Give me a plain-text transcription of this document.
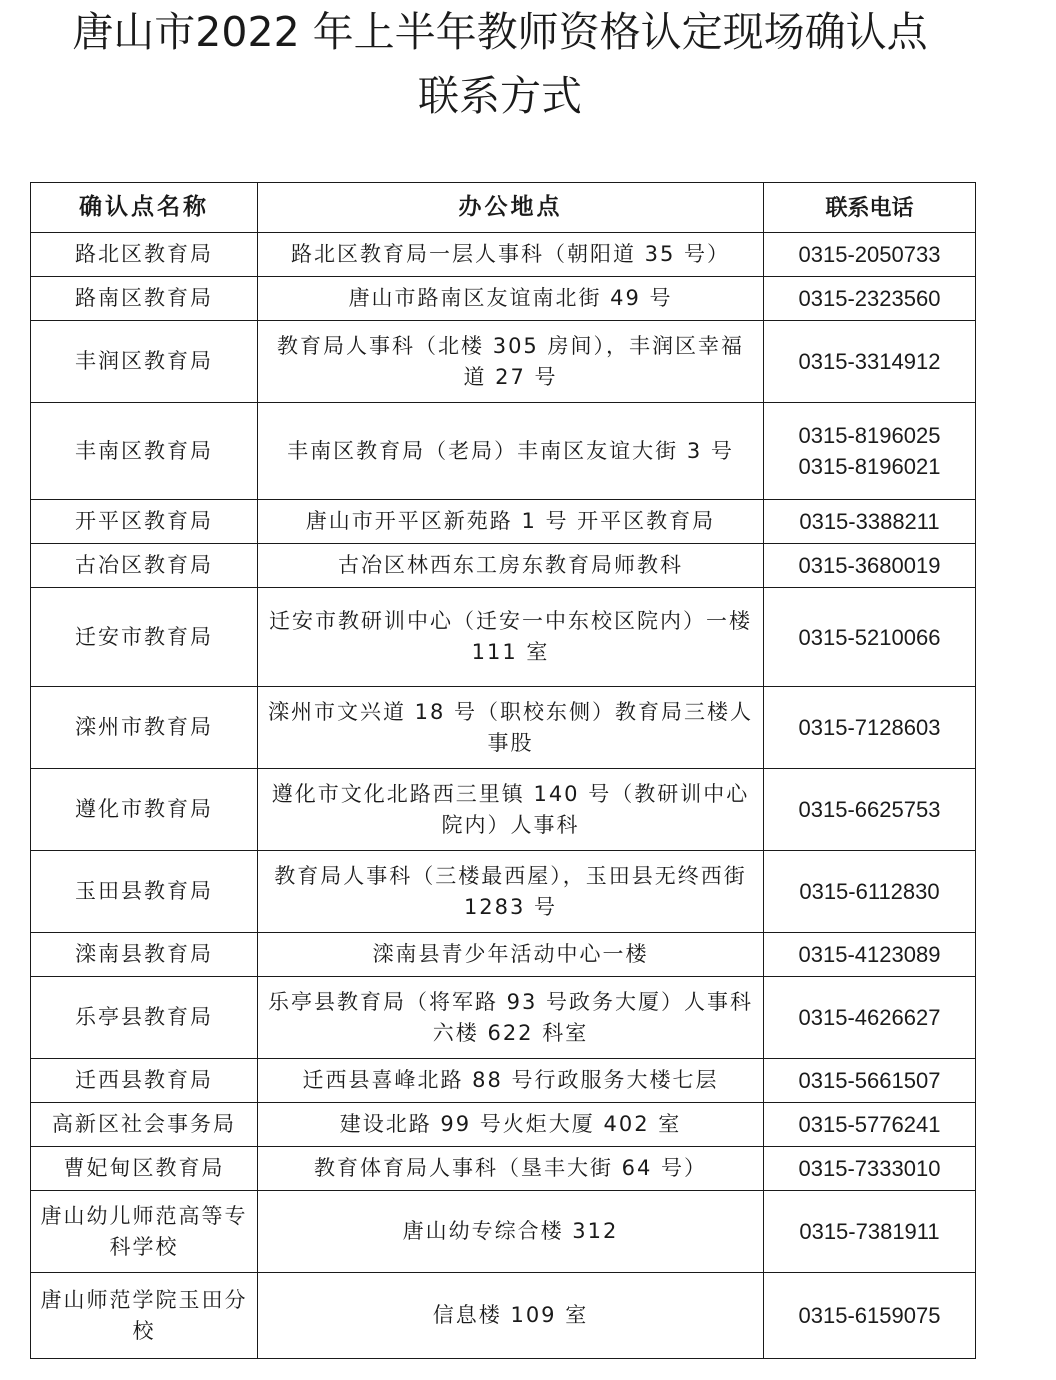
唐山市2022 年上半年教师资格认定现场确认点
联系方式
确认点名称	办公地点	联系电话
路北区教育局	路北区教育局一层人事科（朝阳道 35 号）	0315-2050733

路南区教育局	唐山市路南区友谊南北街 49 号	0315-2323560

丰润区教育局	教育局人事科（北楼 305 房间），丰润区幸福道 27 号	0315-3314912

丰南区教育局	丰南区教育局（老局）丰南区友谊大街 3 号	0315-8196025
0315-8196021

开平区教育局	唐山市开平区新苑路 1 号 开平区教育局	0315-3388211

古冶区教育局	古冶区林西东工房东教育局师教科	0315-3680019

迁安市教育局	迁安市教研训中心（迁安一中东校区院内）一楼 111 室	0315-5210066

滦州市教育局	滦州市文兴道 18 号（职校东侧）教育局三楼人事股	0315-7128603

遵化市教育局	遵化市文化北路西三里镇 140 号（教研训中心院内）人事科	0315-6625753

玉田县教育局	教育局人事科（三楼最西屋），玉田县无终西街 1283 号	0315-6112830

滦南县教育局	滦南县青少年活动中心一楼	0315-4123089

乐亭县教育局	乐亭县教育局（将军路 93 号政务大厦）人事科六楼 622 科室	0315-4626627

迁西县教育局	迁西县喜峰北路 88 号行政服务大楼七层	0315-5661507

高新区社会事务局	建设北路 99 号火炬大厦 402 室	0315-5776241

曹妃甸区教育局	教育体育局人事科（垦丰大街 64 号）	0315-7333010

唐山幼儿师范高等专科学校	唐山幼专综合楼 312	0315-7381911

唐山师范学院玉田分校	信息楼 109 室	0315-6159075
